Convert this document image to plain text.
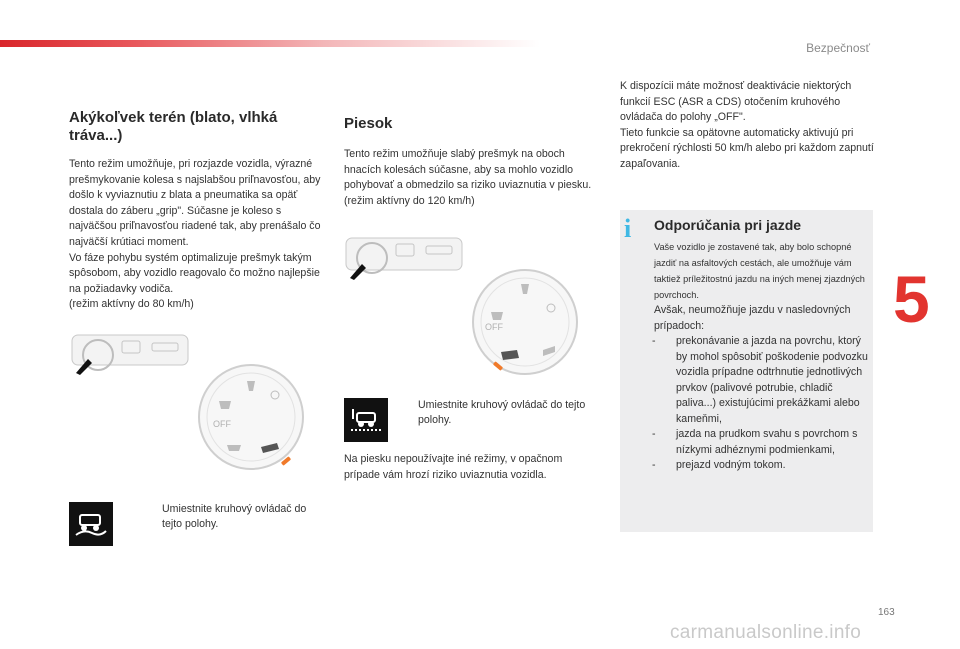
Bezpečnosť
5
163
carmanualsonline.info
Akýkoľvek terén (blato, vlhká tráva...)

Tento režim umožňuje, pri rozjazde vozidla, výrazné prešmykovanie kolesa s najslabšou priľnavosťou, aby došlo k vyviaznutiu z blata a pneumatika sa opäť dostala do záberu „grip". Súčasne je koleso s najväčšou priľnavosťou riadené tak, aby prenášalo čo najväčší krútiaci moment.
Vo fáze pohybu systém optimalizuje prešmyk takým spôsobom, aby vozidlo reagovalo čo možno najlepšie na požiadavky vodiča.
(režim aktívny do 80 km/h)

OFF
Umiestnite kruhový ovládač do tejto polohy.
Piesok

Tento režim umožňuje slabý prešmyk na oboch hnacích kolesách súčasne, aby sa mohlo vozidlo pohybovať a obmedzilo sa riziko uviaznutia v piesku.
(režim aktívny do 120 km/h)

OFF
Umiestnite kruhový ovládač do tejto polohy.

Na piesku nepoužívajte iné režimy, v opačnom prípade vám hrozí riziko uviaznutia vozidla.

K dispozícii máte možnosť deaktivácie niektorých funkcií ESC (ASR a CDS) otočením kruhového ovládača do polohy „OFF".
Tieto funkcie sa opätovne automaticky aktivujú pri prekročení rýchlosti 50 km/h alebo pri každom zapnutí zapaľovania.

i Odporúčania pri jazde
Vaše vozidlo je zostavené tak, aby bolo schopné jazdiť na asfaltových cestách, ale umožňuje vám taktiež príležitostnú jazdu na iných menej zjazdných povrchoch.
Avšak, neumožňuje jazdu v nasledovných prípadoch:
-	prekonávanie a jazda na povrchu, ktorý by mohol spôsobiť poškodenie podvozku vozidla prípadne odtrhnutie jednotlivých prvkov (palivové potrubie, chladič paliva...) existujúcimi prekážkami alebo kameňmi,
-	jazda na prudkom svahu s povrchom s nízkymi adhéznymi podmienkami,
-	prejazd vodným tokom.
